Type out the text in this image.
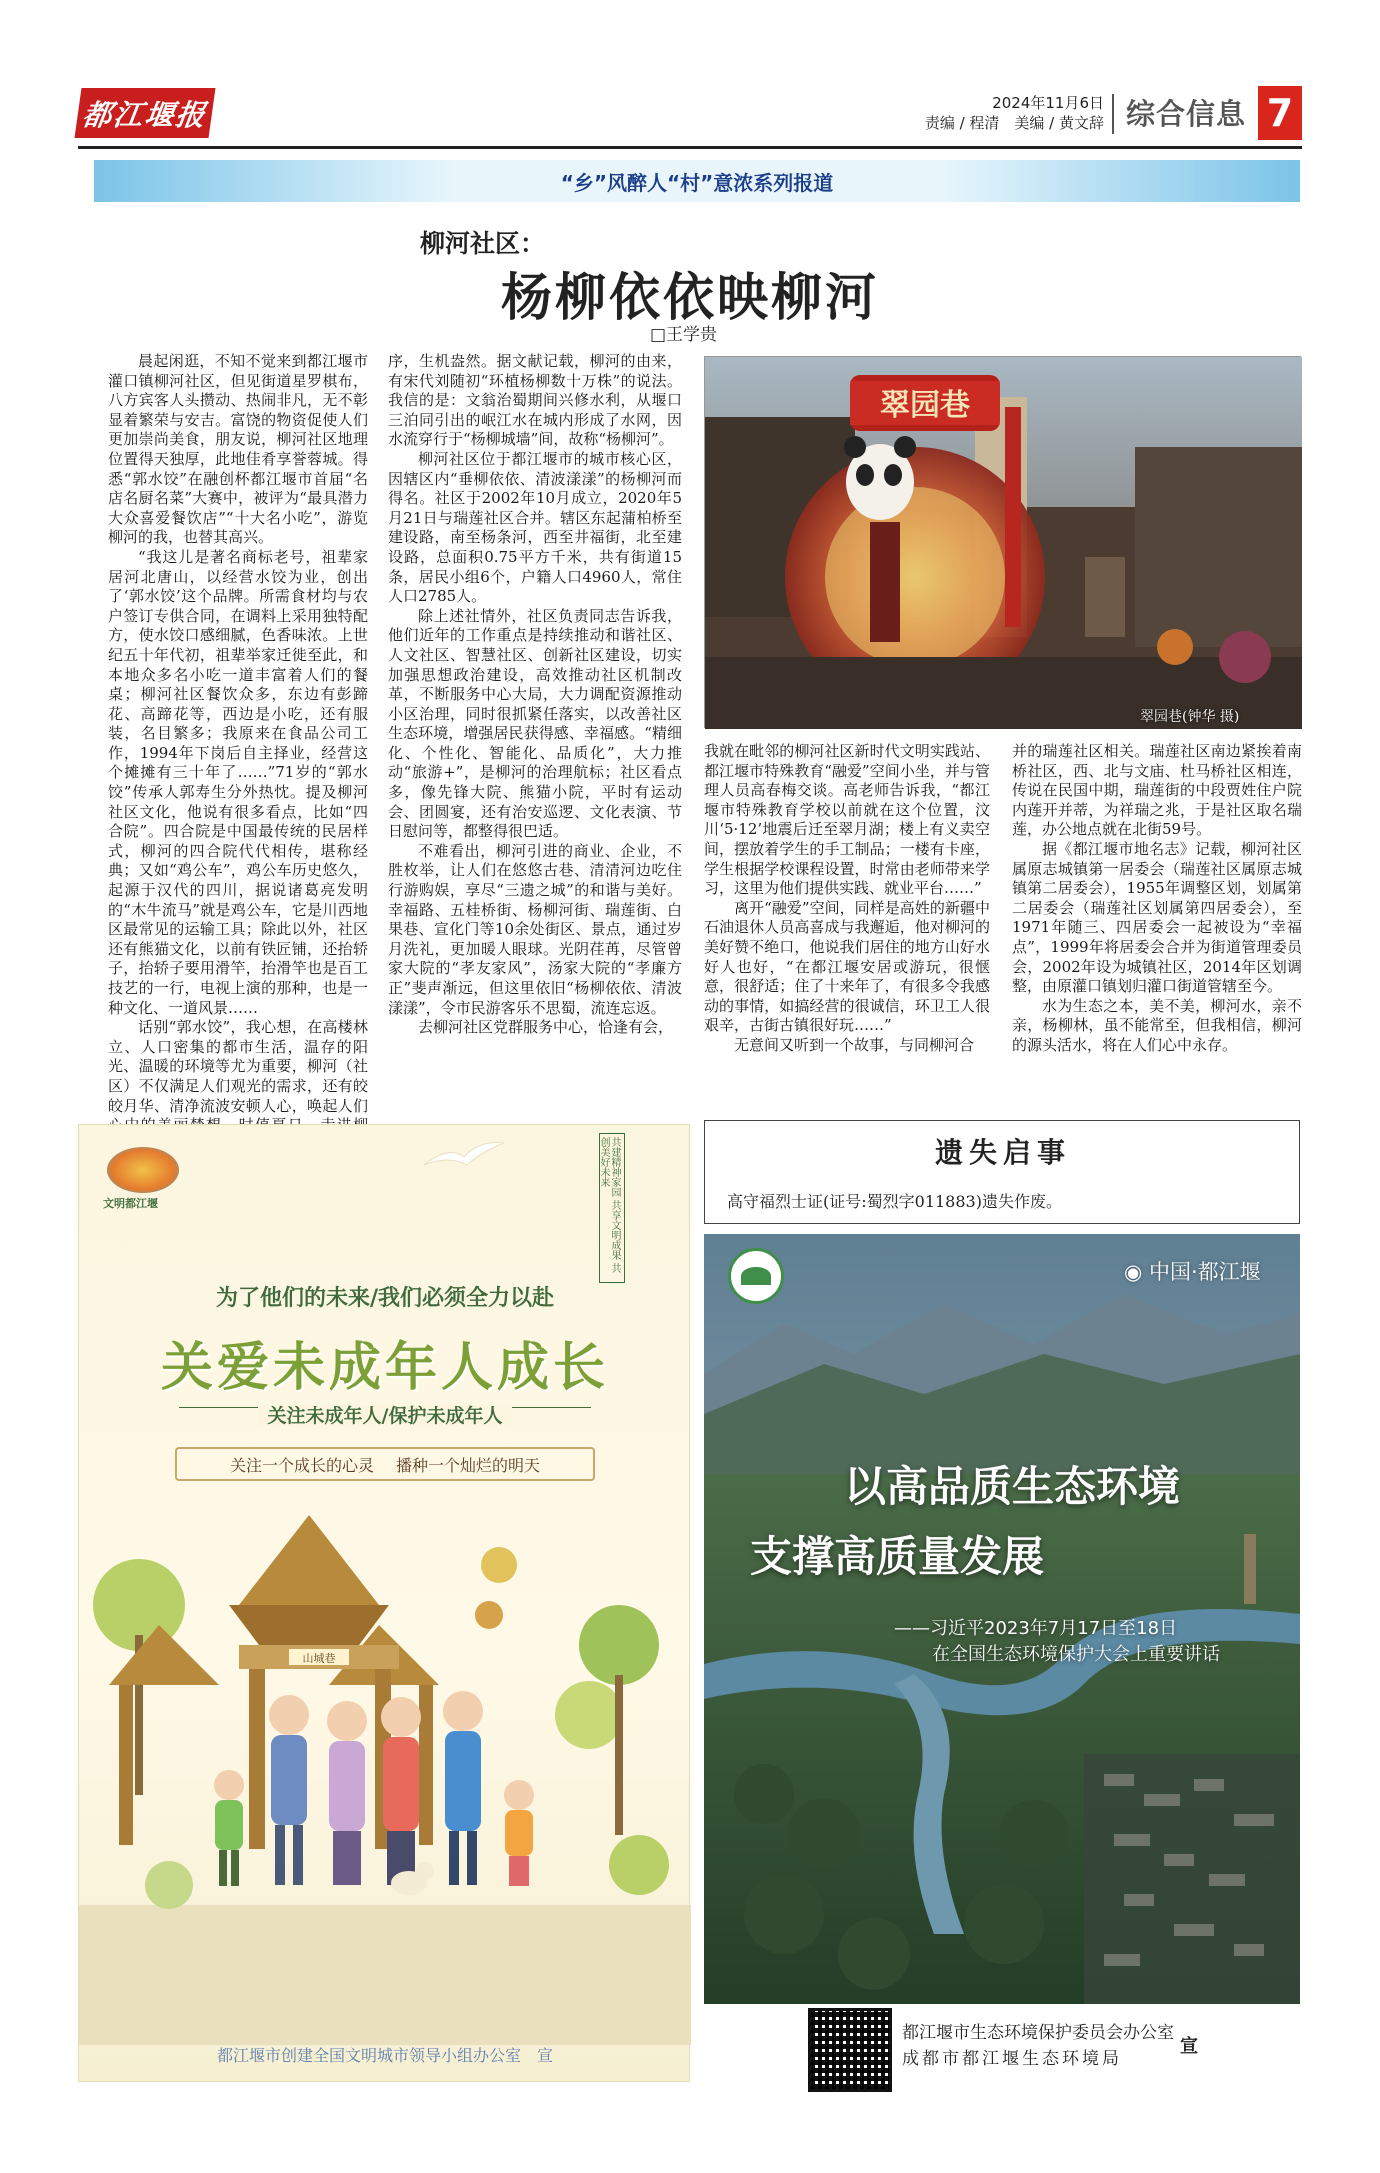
都江堰报	2024年11月6日
责编 / 程清　美编 / 黄文辞 综合信息 7
“乡”风醉人“村”意浓系列报道
柳河社区：
杨柳依依映柳河
□王学贵

晨起闲逛，不知不觉来到都江堰市灌口镇柳河社区，但见街道星罗棋布，八方宾客人头攒动、热闹非凡，无不彰显着繁荣与安吉。富饶的物资促使人们更加崇尚美食，朋友说，柳河社区地理位置得天独厚，此地佳肴享誉蓉城。得悉“郭水饺”在融创杯都江堰市首届“名店名厨名菜”大赛中，被评为“最具潜力大众喜爱餐饮店”“十大名小吃”，游览柳河的我，也替其高兴。

“我这儿是著名商标老号，祖辈家居河北唐山，以经营水饺为业，创出了‘郭水饺’这个品牌。所需食材均与农户签订专供合同，在调料上采用独特配方，使水饺口感细腻，色香味浓。上世纪五十年代初，祖辈举家迁徙至此，和本地众多名小吃一道丰富着人们的餐桌；柳河社区餐饮众多，东边有彭蹄花、高蹄花等，西边是小吃，还有服装，名目繁多；我原来在食品公司工作，1994年下岗后自主择业，经营这个摊摊有三十年了……”71岁的“郭水饺”传承人郭寿生分外热忱。提及柳河社区文化，他说有很多看点，比如“四合院”。四合院是中国最传统的民居样式，柳河的四合院代代相传，堪称经典；又如“鸡公车”，鸡公车历史悠久，起源于汉代的四川，据说诸葛亮发明的“木牛流马”就是鸡公车，它是川西地区最常见的运输工具；除此以外，社区还有熊猫文化，以前有铁匠铺，还抬轿子，抬轿子要用滑竿，抬滑竿也是百工技艺的一行，电视上演的那种，也是一种文化、一道风景……

话别“郭水饺”，我心想，在高楼林立、人口密集的都市生活，温存的阳光、温暖的环境等尤为重要，柳河（社区）不仅满足人们观光的需求，还有皎皎月华、清净流波安顿人心，唤起人们

序，生机盎然。据文献记载，柳河的由来，有宋代刘随初“环植杨柳数十万株”的说法。我信的是：文翁治蜀期间兴修水利，从堰口三泊同引出的岷江水在城内形成了水网，因水流穿行于“杨柳城墙”间，故称“杨柳河”。

柳河社区位于都江堰市的城市核心区，因辖区内“垂柳依依、清波漾漾”的杨柳河而得名。社区于2002年10月成立，2020年5月21日与瑞莲社区合并。辖区东起蒲柏桥至建设路，南至杨条河，西至井福街，北至建设路，总面积0.75平方千米，共有街道15条，居民小组6个，户籍人口4960人，常住人口2785人。

除上述社情外，社区负责同志告诉我，他们近年的工作重点是持续推动和谐社区、人文社区、智慧社区、创新社区建设，切实加强思想政治建设，高效推动社区机制改革，不断服务中心大局，大力调配资源推动小区治理，同时很抓紧任落实，以改善社区生态环境，增强居民获得感、幸福感。“精细化、个性化、智能化、品质化”，大力推动“旅游+”，是柳河的治理航标；社区看点多，像先锋大院、熊猫小院，平时有运动会、团圆宴，还有治安巡逻、文化表演、节日慰问等，都整得很巴适。

不难看出，柳河引进的商业、企业，不胜枚举，让人们在悠悠古巷、清清河边吃住行游购娱，享尽“三遗之城”的和谐与美好。幸福路、五桂桥街、杨柳河街、瑞莲街、白果巷、宣化门等10余处街区、景点，通过岁月洗礼，更加暖人眼球。光阴荏苒，尽管曾家大院的“孝友家风”，汤家大院的“孝廉方正”斐声渐远，但这里依旧“杨柳依依、清波漾漾”，令市民游客乐不思蜀，流连忘返。

去柳河社区党群服务中心，恰逢有会，

我就在毗邻的柳河社区新时代文明实践站、都江堰市特殊教育“融爱”空间小坐，并与管理人员高春梅交谈。高老师告诉我，“都江堰市特殊教育学校以前就在这个位置，汶川‘5·12’地震后迁至翠月湖；楼上有义卖空间，摆放着学生的手工制品；一楼有卡座，学生根据学校课程设置，时常由老师带来学习，这里为他们提供实践、就业平台……”

离开“融爱”空间，同样是高姓的新疆中石油退休人员高喜成与我邂逅，他对柳河的美好赞不绝口，他说我们居住的地方山好水好人也好，“在都江堰安居或游玩，很惬意，很舒适；住了十来年了，有很多令我感动的事情，如搞经营的很诚信，环卫工人很艰辛，古街古镇很好玩……”

无意间又听到一个故事，与同柳河合

并的瑞莲社区相关。瑞莲社区南边紧挨着南桥社区，西、北与文庙、杜马桥社区相连，传说在民国中期，瑞莲街的中段贾姓住户院内莲开并蒂，为祥瑞之兆，于是社区取名瑞莲，办公地点就在北街59号。

据《都江堰市地名志》记载，柳河社区属原志城镇第一居委会（瑞莲社区属原志城镇第二居委会），1955年调整区划，划属第二居委会（瑞莲社区划属第四居委会），至1971年随三、四居委会一起被设为“幸福点”，1999年将居委会合并为街道管理委员会，2002年设为城镇社区，2014年区划调整，由原灌口镇划归灌口街道管辖至今。

水为生态之本，美不美，柳河水，亲不亲，杨柳林，虽不能常至，但我相信，柳河的源头活水，将在人们心中永存。

翠园巷
翠园巷(钟华 摄)
遗失启事
高守福烈士证(证号:蜀烈字011883)遗失作废。
文明都江堰	共建精神家园 共享文明成果 共创美好未来
为了他们的未来/我们必须全力以赴
关爱未成年人成长
关注未成年人/保护未成年人
关注一个成长的心灵 播种一个灿烂的明天
山城巷
都江堰市创建全国文明城市领导小组办公室　宣
◉ 中国·都江堰
以高品质生态环境
支撑高质量发展
——习近平2023年7月17日至18日
在全国生态环境保护大会上重要讲话
都江堰市生态环境保护委员会办公室
成都市都江堰生态环境局
宣
